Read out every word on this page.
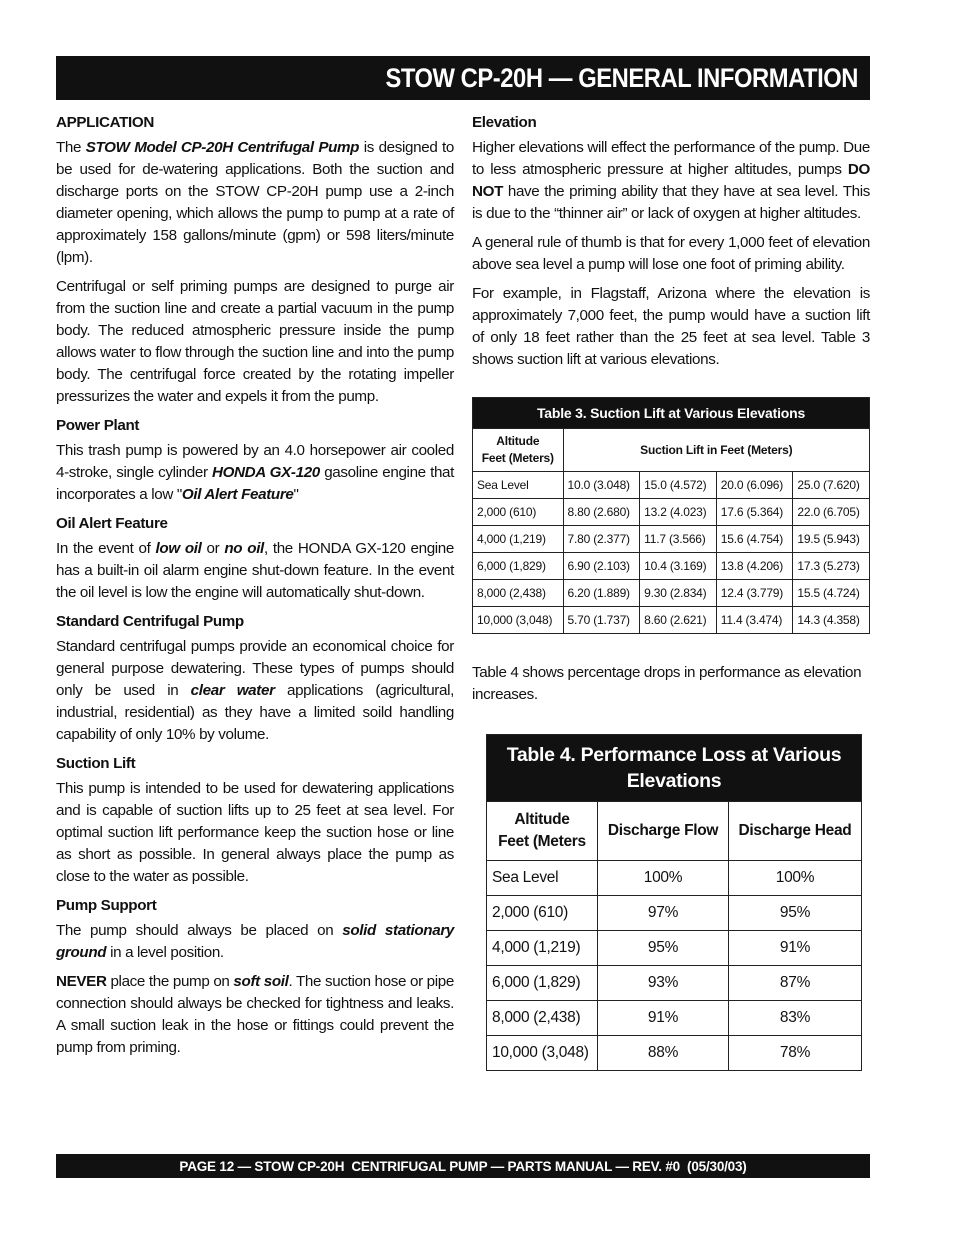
STOW CP-20H — GENERAL INFORMATION
APPLICATION

The STOW Model CP-20H Centrifugal Pump is designed to be used for de-watering applications. Both the suction and discharge ports on the STOW CP-20H pump use a 2-inch diameter opening, which allows the pump to pump at a rate of approximately 158 gallons/minute (gpm) or 598 liters/minute (lpm).

Centrifugal or self priming pumps are designed to purge air from the suction line and create a partial vacuum in the pump body. The reduced atmospheric pressure inside the pump allows water to flow through the suction line and into the pump body. The centrifugal force created by the rotating impeller pressurizes the water and expels it from the pump.

Power Plant

This trash pump is powered by an 4.0 horsepower air cooled 4-stroke, single cylinder HONDA GX-120 gasoline engine that incorporates a low "Oil Alert Feature"

Oil Alert Feature

In the event of low oil or no oil, the HONDA GX-120 engine has a built-in oil alarm engine shut-down feature. In the event the oil level is low the engine will automatically shut-down.

Standard Centrifugal Pump

Standard centrifugal pumps provide an economical choice for general purpose dewatering. These types of pumps should only be used in clear water applications (agricultural, industrial, residential) as they have a limited soild handling capability of only 10% by volume.

Suction Lift

This pump is intended to be used for dewatering applications and is capable of suction lifts up to 25 feet at sea level. For optimal suction lift performance keep the suction hose or line as short as possible. In general always place the pump as close to the water as possible.

Pump Support

The pump should always be placed on solid stationary ground in a level position.

NEVER place the pump on soft soil. The suction hose or pipe connection should always be checked for tightness and leaks. A small suction leak in the hose or fittings could prevent the pump from priming.

Elevation

Higher elevations will effect the performance of the pump. Due to less atmospheric pressure at higher altitudes, pumps DO NOT have the priming ability that they have at sea level. This is due to the “thinner air” or lack of oxygen at higher altitudes.

A general rule of thumb is that for every 1,000 feet of elevation above sea level a pump will lose one foot of priming ability.

For example, in Flagstaff, Arizona where the elevation is approximately 7,000 feet, the pump would have a suction lift of only 18 feet rather than the 25 feet at sea level. Table 3 shows suction lift at various elevations.

Table 3. Suction Lift at Various Elevations				
Altitude
Feet (Meters)	Suction Lift in Feet (Meters)			
Sea Level	10.0 (3.048)	15.0 (4.572)	20.0 (6.096)	25.0 (7.620)
2,000 (610)	8.80 (2.680)	13.2 (4.023)	17.6 (5.364)	22.0 (6.705)
4,000 (1,219)	7.80 (2.377)	11.7 (3.566)	15.6 (4.754)	19.5 (5.943)
6,000 (1,829)	6.90 (2.103)	10.4 (3.169)	13.8 (4.206)	17.3 (5.273)
8,000 (2,438)	6.20 (1.889)	9.30 (2.834)	12.4 (3.779)	15.5 (4.724)
10,000 (3,048)	5.70 (1.737)	8.60 (2.621)	11.4 (3.474)	14.3 (4.358)

Table 4 shows percentage drops in performance as elevation increases.

Table 4. Performance Loss at Various Elevations		
Altitude
Feet (Meters	Discharge Flow	Discharge Head
Sea Level	100%	100%
2,000 (610)	97%	95%
4,000 (1,219)	95%	91%
6,000 (1,829)	93%	87%
8,000 (2,438)	91%	83%
10,000 (3,048)	88%	78%
PAGE 12 — STOW CP-20H  CENTRIFUGAL PUMP — PARTS MANUAL — REV. #0  (05/30/03)
